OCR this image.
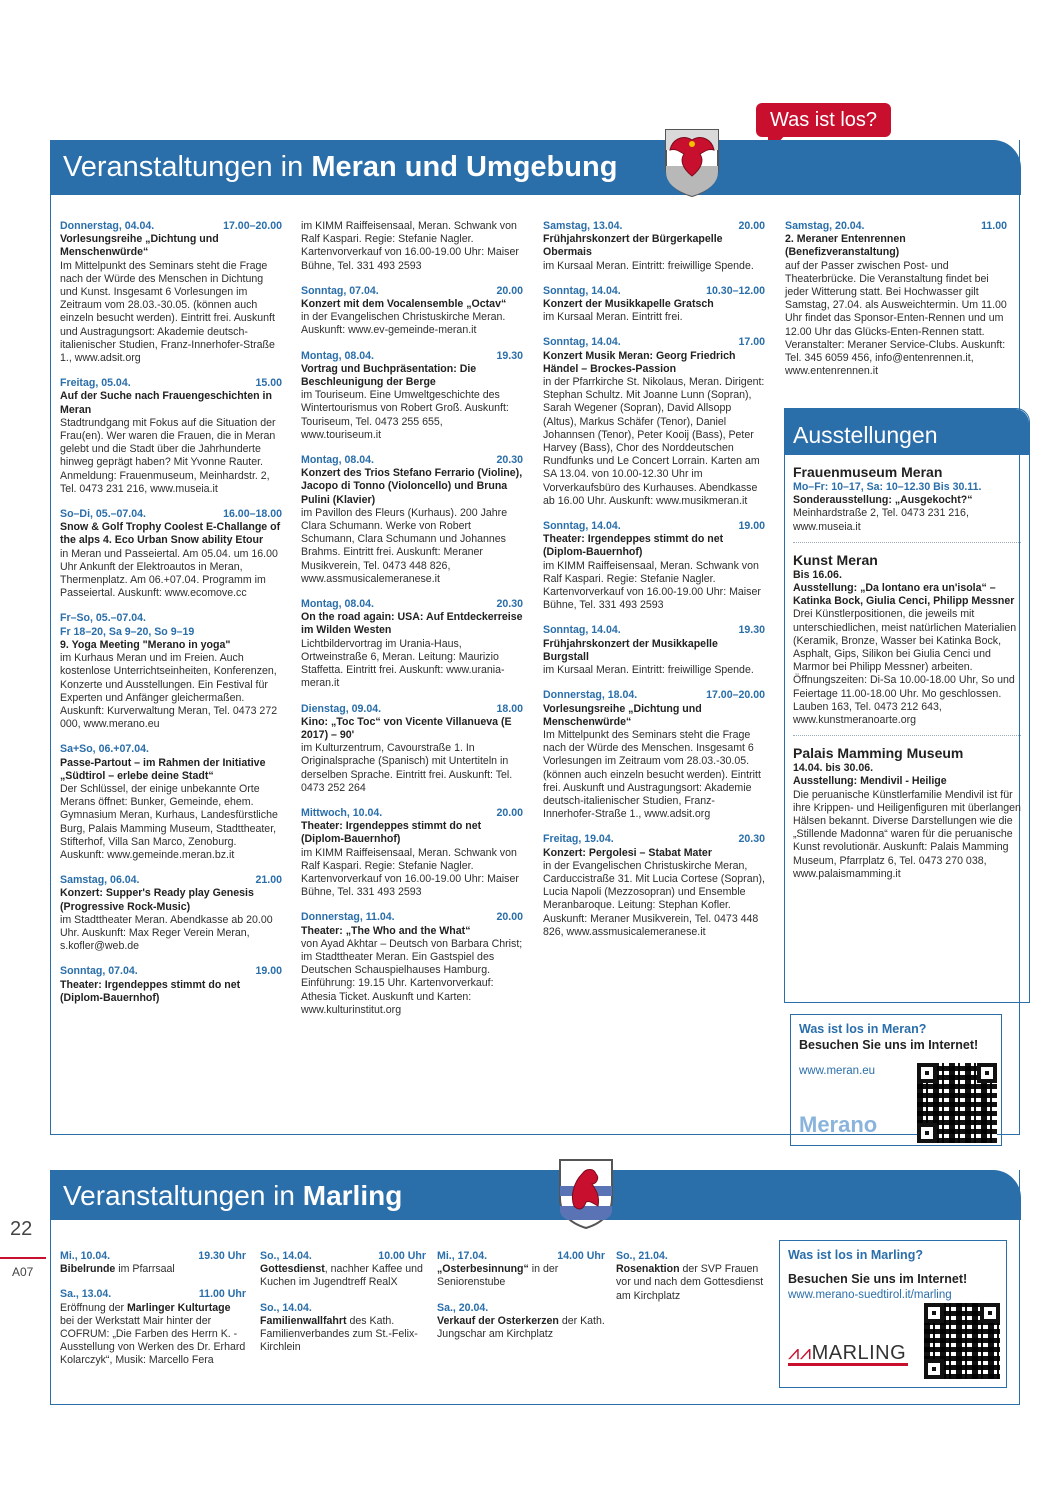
Was ist los?
Veranstaltungen in Meran und Umgebung
Donnerstag, 04.04.	17.00–20.00
Vorlesungsreihe „Dichtung und Menschenwürde“
Im Mittelpunkt des Seminars steht die Frage nach der Würde des Menschen in Dichtung und Kunst. Insgesamt 6 Vorlesungen im Zeitraum vom 28.03.-30.05. (können auch einzeln besucht werden). Eintritt frei. Auskunft und Austragungsort: Akademie deutsch-italienischer Studien, Franz-Innerhofer-Straße 1., www.adsit.org
Freitag, 05.04.	15.00
Auf der Suche nach Frauengeschichten in Meran
Stadtrundgang mit Fokus auf die Situation der Frau(en). Wer waren die Frauen, die in Meran gelebt und die Stadt über die Jahrhunderte hinweg geprägt haben? Mit Yvonne Rauter. Anmeldung: Frauenmuseum, Meinhardstr. 2, Tel. 0473 231 216, www.museia.it
So–Di, 05.–07.04.	16.00–18.00
Snow & Golf Trophy Coolest E-Challange of the alps 4. Eco Urban Snow ability Etour
in Meran und Passeiertal. Am 05.04. um 16.00 Uhr Ankunft der Elektroautos in Meran, Thermenplatz. Am 06.+07.04. Programm im Passeiertal. Auskunft: www.ecomove.cc
Fr–So, 05.–07.04.
Fr 18–20, Sa 9–20, So 9–19
9. Yoga Meeting "Merano in yoga"
im Kurhaus Meran und im Freien. Auch kostenlose Unterrichtseinheiten, Konferenzen, Konzerte und Ausstellungen. Ein Festival für Experten und Anfänger gleichermaßen. Auskunft: Kurverwaltung Meran, Tel. 0473 272 000, www.merano.eu
Sa+So, 06.+07.04.
Passe-Partout – im Rahmen der Initiative „Südtirol – erlebe deine Stadt“
Der Schlüssel, der einige unbekannte Orte Merans öffnet: Bunker, Gemeinde, ehem. Gymnasium Meran, Kurhaus, Landesfürstliche Burg, Palais Mamming Museum, Stadttheater, Stifterhof, Villa San Marco, Zenoburg. Auskunft: www.gemeinde.meran.bz.it
Samstag, 06.04.	21.00
Konzert: Supper's Ready play Genesis (Progressive Rock-Music)
im Stadttheater Meran. Abendkasse ab 20.00 Uhr. Auskunft: Max Reger Verein Meran, s.kofler@web.de
Sonntag, 07.04.	19.00
Theater: Irgendeppes stimmt do net (Diplom-Bauernhof)
im KIMM Raiffeisensaal, Meran. Schwank von Ralf Kaspari. Regie: Stefanie Nagler. Kartenvorverkauf von 16.00-19.00 Uhr: Maiser Bühne, Tel. 331 493 2593
Sonntag, 07.04.	20.00
Konzert mit dem Vocalensemble „Octav“
in der Evangelischen Christuskirche Meran. Auskunft: www.ev-gemeinde-meran.it
Montag, 08.04.	19.30
Vortrag und Buchpräsentation: Die Beschleunigung der Berge
im Touriseum. Eine Umweltgeschichte des Wintertourismus von Robert Groß. Auskunft: Touriseum, Tel. 0473 255 655, www.touriseum.it
Montag, 08.04.	20.30
Konzert des Trios Stefano Ferrario (Violine), Jacopo di Tonno (Violoncello) und Bruna Pulini (Klavier)
im Pavillon des Fleurs (Kurhaus). 200 Jahre Clara Schumann. Werke von Robert Schumann, Clara Schumann und Johannes Brahms. Eintritt frei. Auskunft: Meraner Musikverein, Tel. 0473 448 826, www.assmusicalemeranese.it
Montag, 08.04.	20.30
On the road again: USA: Auf Entdeckerreise im Wilden Westen
Lichtbildervortrag im Urania-Haus, Ortweinstraße 6, Meran. Leitung: Maurizio Staffetta. Eintritt frei. Auskunft: www.urania-meran.it
Dienstag, 09.04.	18.00
Kino: „Toc Toc“ von Vicente Villanueva (E 2017) – 90'
im Kulturzentrum, Cavourstraße 1. In Originalsprache (Spanisch) mit Untertiteln in derselben Sprache. Eintritt frei. Auskunft: Tel. 0473 252 264
Mittwoch, 10.04.	20.00
Theater: Irgendeppes stimmt do net (Diplom-Bauernhof)
im KIMM Raiffeisensaal, Meran. Schwank von Ralf Kaspari. Regie: Stefanie Nagler. Kartenvorverkauf von 16.00-19.00 Uhr: Maiser Bühne, Tel. 331 493 2593
Donnerstag, 11.04.	20.00
Theater: „The Who and the What“
von Ayad Akhtar – Deutsch von Barbara Christ; im Stadttheater Meran. Ein Gastspiel des Deutschen Schauspielhauses Hamburg. Einführung: 19.15 Uhr. Kartenvorverkauf: Athesia Ticket. Auskunft und Karten: www.kulturinstitut.org
Samstag, 13.04.	20.00
Frühjahrskonzert der Bürgerkapelle Obermais
im Kursaal Meran. Eintritt: freiwillige Spende.
Sonntag, 14.04.	10.30–12.00
Konzert der Musikkapelle Gratsch
im Kursaal Meran. Eintritt frei.
Sonntag, 14.04.	17.00
Konzert Musik Meran: Georg Friedrich Händel – Brockes-Passion
in der Pfarrkirche St. Nikolaus, Meran. Dirigent: Stephan Schultz. Mit Joanne Lunn (Sopran), Sarah Wegener (Sopran), David Allsopp (Altus), Markus Schäfer (Tenor), Daniel Johannsen (Tenor), Peter Kooij (Bass), Peter Harvey (Bass), Chor des Norddeutschen Rundfunks und Le Concert Lorrain. Karten am SA 13.04. von 10.00-12.30 Uhr im Vorverkaufsbüro des Kurhauses. Abendkasse ab 16.00 Uhr. Auskunft: www.musikmeran.it
Sonntag, 14.04.	19.00
Theater: Irgendeppes stimmt do net (Diplom-Bauernhof)
im KIMM Raiffeisensaal, Meran. Schwank von Ralf Kaspari. Regie: Stefanie Nagler. Kartenvorverkauf von 16.00-19.00 Uhr: Maiser Bühne, Tel. 331 493 2593
Sonntag, 14.04.	19.30
Frühjahrskonzert der Musikkapelle Burgstall
im Kursaal Meran. Eintritt: freiwillige Spende.
Donnerstag, 18.04.	17.00–20.00
Vorlesungsreihe „Dichtung und Menschenwürde“
Im Mittelpunkt des Seminars steht die Frage nach der Würde des Menschen. Insgesamt 6 Vorlesungen im Zeitraum vom 28.03.-30.05. (können auch einzeln besucht werden). Eintritt frei. Auskunft und Austragungsort: Akademie deutsch-italienischer Studien, Franz-Innerhofer-Straße 1., www.adsit.org
Freitag, 19.04.	20.30
Konzert: Pergolesi – Stabat Mater
in der Evangelischen Christuskirche Meran, Carduccistraße 31. Mit Lucia Cortese (Sopran), Lucia Napoli (Mezzosopran) und Ensemble Meranbaroque. Leitung: Stephan Kofler. Auskunft: Meraner Musikverein, Tel. 0473 448 826, www.assmusicalemeranese.it
Samstag, 20.04.	11.00
2. Meraner Entenrennen (Benefizveranstaltung)
auf der Passer zwischen Post- und Theaterbrücke. Die Veranstaltung findet bei jeder Witterung statt. Bei Hochwasser gilt Samstag, 27.04. als Ausweichtermin. Um 11.00 Uhr findet das Sponsor-Enten-Rennen und um 12.00 Uhr das Glücks-Enten-Rennen statt. Veranstalter: Meraner Service-Clubs. Auskunft: Tel. 345 6059 456, info@entenrennen.it, www.entenrennen.it
Ausstellungen
Frauenmuseum Meran
Mo–Fr: 10–17, Sa: 10–12.30 Bis 30.11.
Sonderausstellung: „Ausgekocht?“
Meinhardstraße 2, Tel. 0473 231 216, www.museia.it
Kunst Meran
Bis 16.06.
Ausstellung: „Da lontano era un'isola“ – Katinka Bock, Giulia Cenci, Philipp Messner
Drei Künstlerpositionen, die jeweils mit unterschiedlichen, meist natürlichen Materialien (Keramik, Bronze, Wasser bei Katinka Bock, Asphalt, Gips, Silikon bei Giulia Cenci und Marmor bei Philipp Messner) arbeiten. Öffnungszeiten: Di-Sa 10.00-18.00 Uhr, So und Feiertage 11.00-18.00 Uhr. Mo geschlossen. Lauben 163, Tel. 0473 212 643, www.kunstmeranoarte.org
Palais Mamming Museum
14.04. bis 30.06.
Ausstellung: Mendivil - Heilige
Die peruanische Künstlerfamilie Mendivil ist für ihre Krippen- und Heiligenfiguren mit überlangen Hälsen bekannt. Diverse Darstellungen wie die „Stillende Madonna“ waren für die peruanische Kunst revolutionär. Auskunft: Palais Mamming Museum, Pfarrplatz 6, Tel. 0473 270 038, www.palaismamming.it
Was ist los in Meran?
Besuchen Sie uns im Internet!
www.meran.eu
Merano
Veranstaltungen in Marling
Mi., 10.04.	19.30 Uhr
Bibelrunde im Pfarrsaal
Sa., 13.04.	11.00 Uhr
Eröffnung der Marlinger Kulturtage bei der Werkstatt Mair hinter der COFRUM: „Die Farben des Herrn K. - Ausstellung von Werken des Dr. Erhard Kolarczyk“, Musik: Marcello Fera
So., 14.04.	10.00 Uhr
Gottesdienst, nachher Kaffee und Kuchen im Jugendtreff RealX
So., 14.04.
Familienwallfahrt des Kath. Familienverbandes zum St.-Felix-Kirchlein
Mi., 17.04.	14.00 Uhr
„Osterbesinnung“ in der Seniorenstube
Sa., 20.04.
Verkauf der Osterkerzen der Kath. Jungschar am Kirchplatz
So., 21.04.
Rosenaktion der SVP Frauen vor und nach dem Gottesdienst am Kirchplatz
Was ist los in Marling?
Besuchen Sie uns im Internet!
www.merano-suedtirol.it/marling
⩘⩘MARLING
22
A07
